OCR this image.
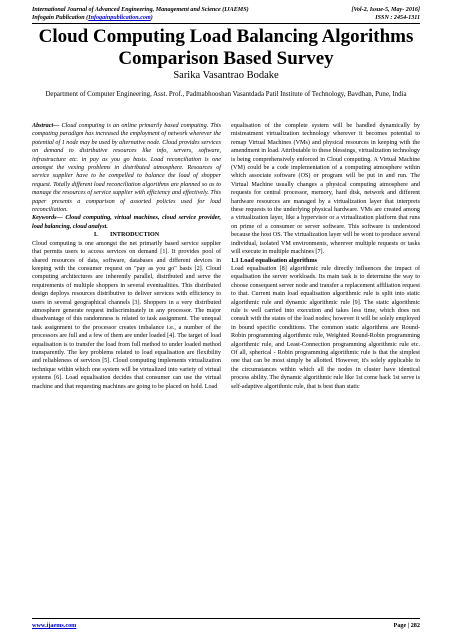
International Journal of Advanced Engineering, Management and Science (IJAEMS)	[Vol-2, Issue-5, May- 2016]
Infogain Publication (Infogainpublication.com)	ISSN : 2454-1311
Cloud Computing Load Balancing Algorithms
Comparison Based Survey
Sarika Vasantrao Bodake
Department of Computer Engineering, Asst. Prof., Padmabhooshan Vasantdada Patil Institute of Technology, Bavdhan, Pune, India

Abstract— Cloud computing is an online primarily based computing. This computing paradigm has increased the employment of network wherever the potential of 1 node may be used by alternative node. Cloud provides services on demand to distributive resources like info, servers, software, infrastructure etc. in pay as you go basis. Load reconciliation is one amongst the vexing problems in distributed atmosphere. Resources of service supplier have to be compelled to balance the load of shopper request. Totally different load reconciliation algorithms are planned so as to manage the resources of service supplier with efficiency and effectively. This paper presents a comparison of assorted policies used for load reconciliation.

Keywords— Cloud computing, virtual machines, cloud service provider, load balancing, cloud analyst.

I.        INTRODUCTION

Cloud computing is one amongst the net primarily based service supplier that permits users to access services on demand [1]. It provides pool of shared resources of data, software, databases and different devices in keeping with the consumer request on "pay as you go" basis [2]. Cloud computing architectures are inherently parallel, distributed and serve the requirements of multiple shoppers in several eventualities. This distributed design deploys resources distributive to deliver services with efficiency to users in several geographical channels [3]. Shoppers in a very distributed atmosphere generate request indiscriminately in any processor. The major disadvantage of this randomness is related to task assignment. The unequal task assignment to the processor creates imbalance i.e., a number of the processors are full and a few of them are under loaded [4]. The target of load equalisation is to transfer the load from full method to under loaded method transparently. The key problems related to load equalisation are flexibility and reliableness of services [5]. Cloud computing implements virtualization technique within which one system will be virtualized into variety of virtual systems [6]. Load equalisation decides that consumer can use the virtual machine and that requesting machines are going to be placed on hold. Load

equalisation of the complete system will be handled dynamically by mistreatment virtualization technology wherever it becomes potential to remap Virtual Machines (VMs) and physical resources in keeping with the amendment in load. Attributable to these blessings, virtualization technology is being comprehensively enforced in Cloud computing. A Virtual Machine (VM) could be a code implementation of a computing atmosphere within which associate software (OS) or program will be put in and run. The Virtual Machine usually changes a physical computing atmosphere and requests for central processor, memory, hard disk, network and different hardware resources are managed by a virtualization layer that interprets these requests to the underlying physical hardware. VMs are created among a virtualization layer, like a hypervisor or a virtualization platform that runs on prime of a consumer or server software. This software is understood because the host OS. The virtualization layer will be wont to produce several individual, isolated VM environments, wherever multiple requests or tasks will execute in multiple machines [7].

1.1 Load equalisation algorithms

Load equalisation [8] algorithmic rule directly influences the impact of equalisation the server workloads. Its main task is to determine the way to choose consequent server node and transfer a replacement affiliation request to that. Current main load equalisation algorithmic rule is split into static algorithmic rule and dynamic algorithmic rule [9]. The static algorithmic rule is well carried into execution and takes less time, which does not consult with the states of the load nodes; however it will be solely employed in bound specific conditions. The common static algorithms are Round-Robin programming algorithmic rule, Weighted Round-Robin programming algorithmic rule, and Least-Connection programming algorithmic rule etc. Of all, spherical - Robin programming algorithmic rule is that the simplest one that can be most simply be allotted. However, it's solely applicable to the circumstances within which all the nodes in cluster have identical process ability. The dynamic algorithmic rule like 1st come back 1st serve is self-adaptive algorithmic rule, that is best than static

www.ijaems.com	Page | 282
